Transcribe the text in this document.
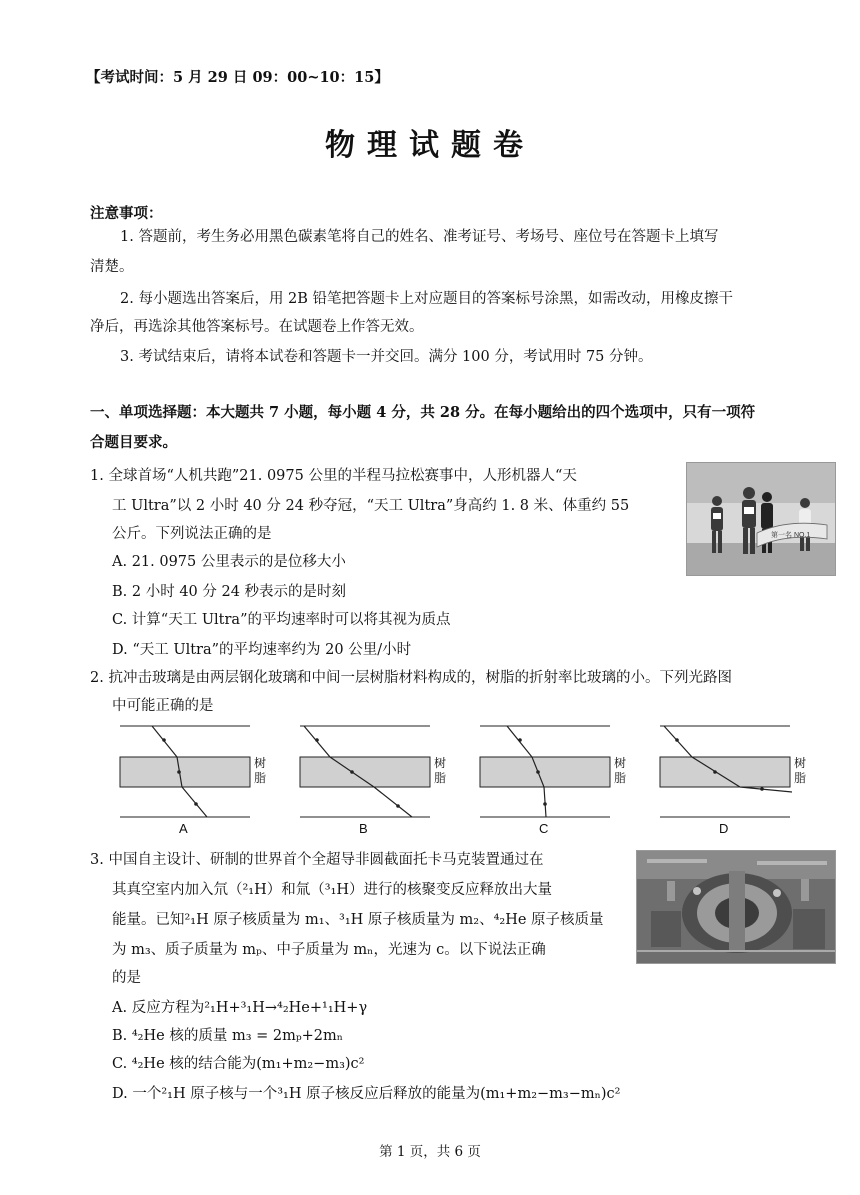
【考试时间：5 月 29 日 09：00~10：15】
物理试题卷
注意事项：
1. 答题前，考生务必用黑色碳素笔将自己的姓名、准考证号、考场号、座位号在答题卡上填写
清楚。
2. 每小题选出答案后，用 2B 铅笔把答题卡上对应题目的答案标号涂黑，如需改动，用橡皮擦干
净后，再选涂其他答案标号。在试题卷上作答无效。
3. 考试结束后，请将本试卷和答题卡一并交回。满分 100 分，考试用时 75 分钟。
一、单项选择题：本大题共 7 小题，每小题 4 分，共 28 分。在每小题给出的四个选项中，只有一项符
合题目要求。
1. 全球首场“人机共跑”21. 0975 公里的半程马拉松赛事中，人形机器人“天
工 Ultra”以 2 小时 40 分 24 秒夺冠，“天工 Ultra”身高约 1. 8 米、体重约 55
公斤。下列说法正确的是
A. 21. 0975 公里表示的是位移大小
B. 2 小时 40 分 24 秒表示的是时刻
C. 计算“天工 Ultra”的平均速率时可以将其视为质点
D. “天工 Ultra”的平均速率约为 20 公里/小时
第一名 NO.1
2. 抗冲击玻璃是由两层钢化玻璃和中间一层树脂材料构成的，树脂的折射率比玻璃的小。下列光路图
中可能正确的是
树
脂
树
脂
树
脂
树
脂
A	B	C	D
3. 中国自主设计、研制的世界首个全超导非圆截面托卡马克装置通过在
其真空室内加入氘（²₁H）和氚（³₁H）进行的核聚变反应释放出大量
能量。已知²₁H 原子核质量为 m₁、³₁H 原子核质量为 m₂、⁴₂He 原子核质量
为 m₃、质子质量为 mₚ、中子质量为 mₙ，光速为 c。以下说法正确
的是
A. 反应方程为²₁H+³₁H→⁴₂He+¹₁H+γ
B. ⁴₂He 核的质量 m₃ = 2mₚ+2mₙ
C. ⁴₂He 核的结合能为(m₁+m₂−m₃)c²
D. 一个²₁H 原子核与一个³₁H 原子核反应后释放的能量为(m₁+m₂−m₃−mₙ)c²
第 1 页，共 6 页
